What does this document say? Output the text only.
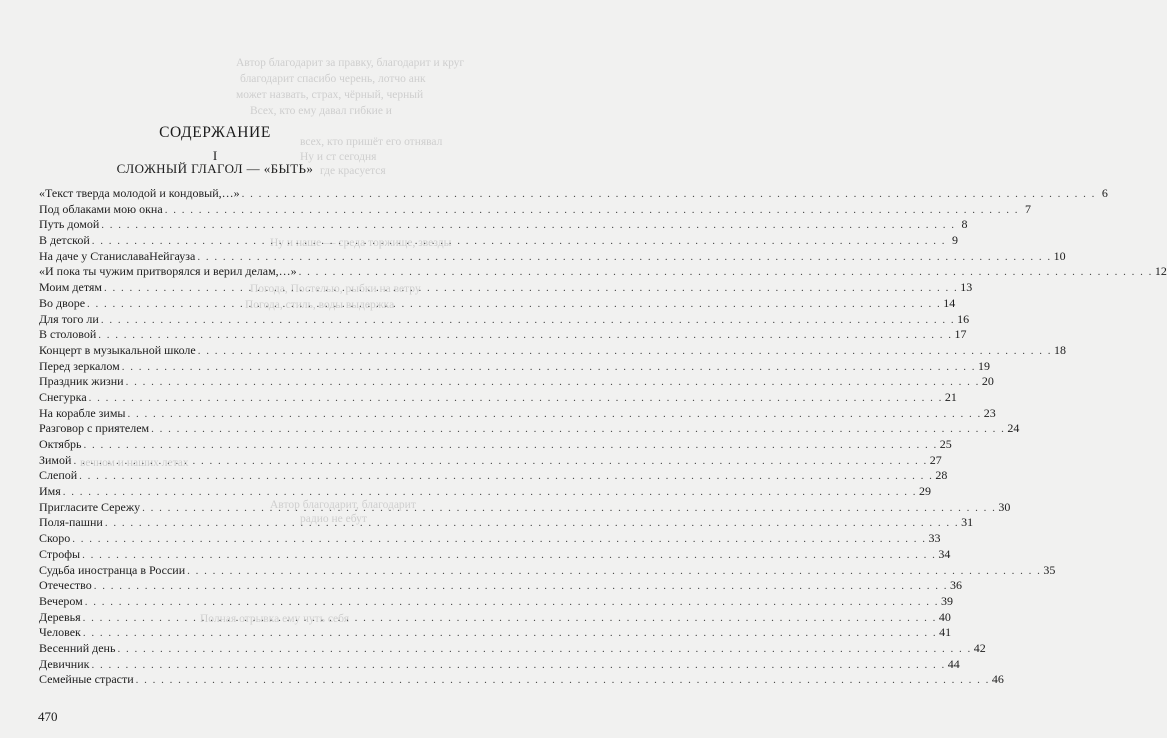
Автор благодарит за правку, благодарит и круг
благодарит спасибо черень, лотчо анк
может назвать, страх, чёрный, черный
Всех, кто ему давал гибкие и
всех, кто пришёт его отнявал
Ну и ст сегодня
где красуется
Ну и наше — среда торжище, звезды
Погода, Постелью, рыбки на ветру
Погода, стиль, воды выдержка
вечном и наших летах
Автор благодарит, благодарит
радио не ебут
Полная отрывка ему чуть себя
СОДЕРЖАНИЕ
I
СЛОЖНЫЙ ГЛАГОЛ — «БЫТЬ»
«Текст тверда молодой и кондовый,…» . . .	6
Под облаками мою окна . . .	7
Путь домой . . .	8
В детской . . .	9
На даче у СтаниславаНейгауза . . .	10
«И пока ты чужим притворялся и верил делам,…» . . .	12
Моим детям . . .	13
Во дворе . . .	14
Для того ли . . .	16
В столовой . . .	17
Концерт в музыкальной школе . . .	18
Перед зеркалом . . .	19
Праздник жизни . . .	20
Снегурка . . .	21
На корабле зимы . . .	23
Разговор с приятелем . . .	24
Октябрь . . .	25
Зимой . . .	27
Слепой . . .	28
Имя . . .	29
Пригласите Сережу . . .	30
Поля-пашни . . .	31
Скоро . . .	33
Строфы . . .	34
Судьба иностранца в России . . .	35
Отечество . . .	36
Вечером . . .	39
Деревья . . .	40
Человек . . .	41
Весенний день . . .	42
Девичник . . .	44
Семейные страсти . . .	46
470
